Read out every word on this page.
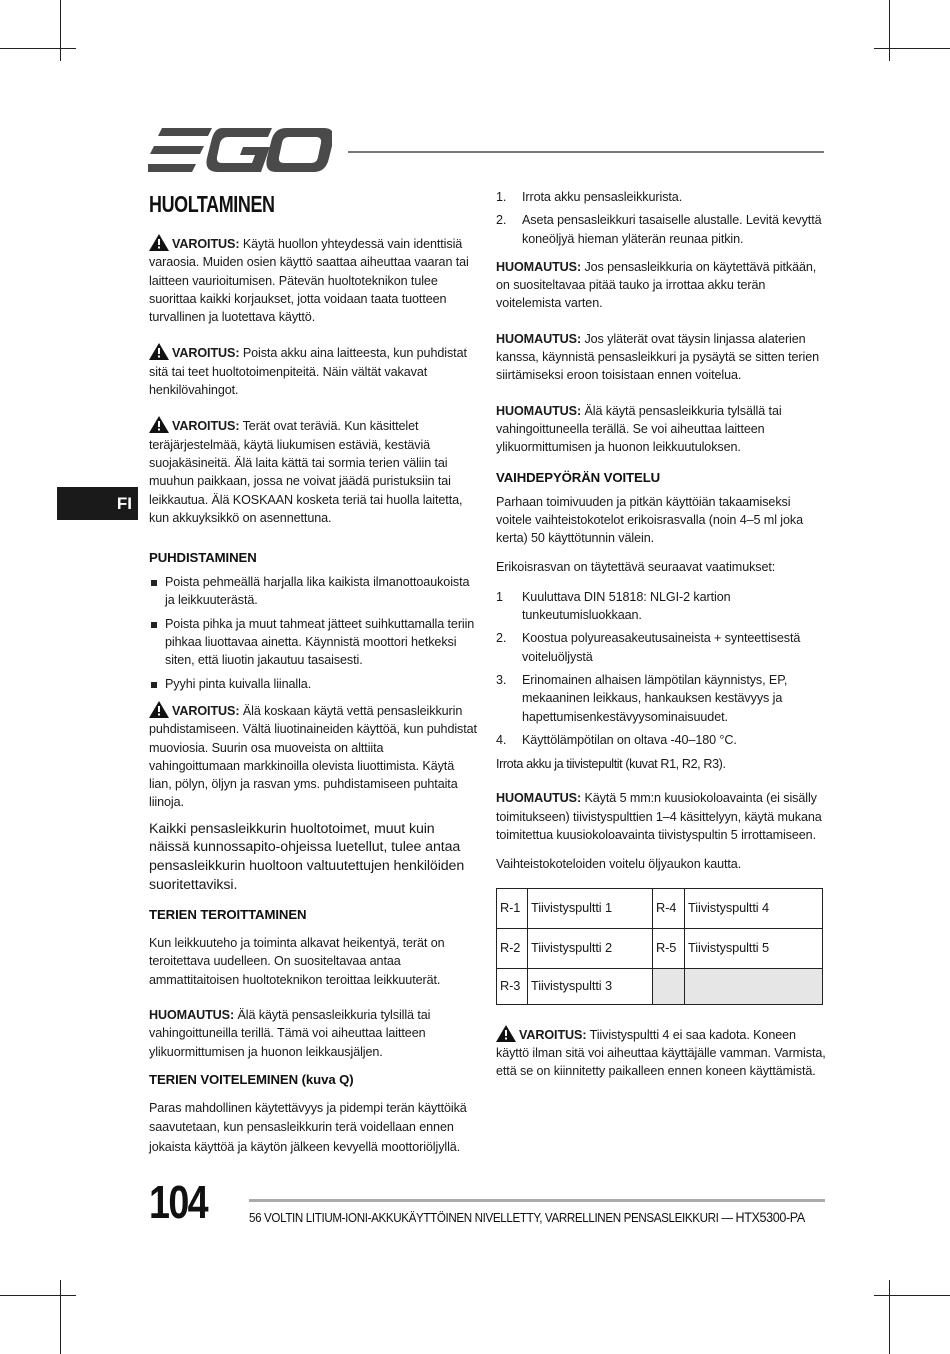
FI
HUOLTAMINEN

VAROITUS: Käytä huollon yhteydessä vain identtisiä varaosia. Muiden osien käyttö saattaa aiheuttaa vaaran tai laitteen vaurioitumisen. Pätevän huoltoteknikon tulee suorittaa kaikki korjaukset, jotta voidaan taata tuotteen turvallinen ja luotettava käyttö.

VAROITUS: Poista akku aina laitteesta, kun puhdistat sitä tai teet huoltotoimenpiteitä. Näin vältät vakavat henkilövahingot.

VAROITUS: Terät ovat teräviä. Kun käsittelet teräjärjestelmää, käytä liukumisen estäviä, kestäviä suojakäsineitä. Älä laita kättä tai sormia terien väliin tai muuhun paikkaan, jossa ne voivat jäädä puristuksiin tai leikkautua. Älä KOSKAAN kosketa teriä tai huolla laitetta, kun akkuyksikkö on asennettuna.

PUHDISTAMINEN
Poista pehmeällä harjalla lika kaikista ilmanottoaukoista ja leikkuuterästä.
Poista pihka ja muut tahmeat jätteet suihkuttamalla teriin pihkaa liuottavaa ainetta. Käynnistä moottori hetkeksi siten, että liuotin jakautuu tasaisesti.
Pyyhi pinta kuivalla liinalla.

VAROITUS: Älä koskaan käytä vettä pensasleikkurin puhdistamiseen. Vältä liuotinaineiden käyttöä, kun puhdistat muoviosia. Suurin osa muoveista on alttiita vahingoittumaan markkinoilla olevista liuottimista. Käytä lian, pölyn, öljyn ja rasvan yms. puhdistamiseen puhtaita liinoja.

Kaikki pensasleikkurin huoltotoimet, muut kuin näissä kunnossapito-ohjeissa luetellut, tulee antaa pensasleikkurin huoltoon valtuutettujen henkilöiden suoritettaviksi.

TERIEN TEROITTAMINEN

Kun leikkuuteho ja toiminta alkavat heikentyä, terät on teroitettava uudelleen. On suositeltavaa antaa ammattitaitoisen huoltoteknikon teroittaa leikkuuterät.

HUOMAUTUS: Älä käytä pensasleikkuria tylsillä tai vahingoittuneilla terillä. Tämä voi aiheuttaa laitteen ylikuormittumisen ja huonon leikkausjäljen.

TERIEN VOITELEMINEN (kuva Q)

Paras mahdollinen käytettävyys ja pidempi terän käyttöikä saavutetaan, kun pensasleikkurin terä voidellaan ennen jokaista käyttöä ja käytön jälkeen kevyellä moottoriöljyllä.

1.	Irrota akku pensasleikkurista.
2.	Aseta pensasleikkuri tasaiselle alustalle. Levitä kevyttä koneöljyä hieman yläterän reunaa pitkin.

HUOMAUTUS: Jos pensasleikkuria on käytettävä pitkään, on suositeltavaa pitää tauko ja irrottaa akku terän voitelemista varten.

HUOMAUTUS: Jos yläterät ovat täysin linjassa alaterien kanssa, käynnistä pensasleikkuri ja pysäytä se sitten terien siirtämiseksi eroon toisistaan ennen voitelua.

HUOMAUTUS: Älä käytä pensasleikkuria tylsällä tai vahingoittuneella terällä. Se voi aiheuttaa laitteen ylikuormittumisen ja huonon leikkuutuloksen.

VAIHDEPYÖRÄN VOITELU

Parhaan toimivuuden ja pitkän käyttöiän takaamiseksi voitele vaihteistokotelot erikoisrasvalla (noin 4–5 ml joka kerta) 50 käyttötunnin välein.

Erikoisrasvan on täytettävä seuraavat vaatimukset:

1	Kuuluttava DIN 51818: NLGI-2 kartion tunkeutumisluokkaan.
2.	Koostua polyureasakeutusaineista + synteettisestä voiteluöljystä
3.	Erinomainen alhaisen lämpötilan käynnistys, EP, mekaaninen leikkaus, hankauksen kestävyys ja hapettumisenkestävyysominaisuudet.
4.	Käyttölämpötilan on oltava -40–180 °C.

Irrota akku ja tiivistepultit (kuvat R1, R2, R3).

HUOMAUTUS: Käytä 5 mm:n kuusiokoloavainta (ei sisälly toimitukseen) tiivistyspulttien 1–4 käsittelyyn, käytä mukana toimitettua kuusiokoloavainta tiivistyspultin 5 irrottamiseen.

Vaihteistokoteloiden voitelu öljyaukon kautta.

R-1	Tiivistyspultti 1	R-4	Tiivistyspultti 4
R-2	Tiivistyspultti 2	R-5	Tiivistyspultti 5
R-3	Tiivistyspultti 3		

VAROITUS: Tiivistyspultti 4 ei saa kadota. Koneen käyttö ilman sitä voi aiheuttaa käyttäjälle vamman. Varmista, että se on kiinnitetty paikalleen ennen koneen käyttämistä.

104	56 VOLTIN LITIUM-IONI-AKKUKÄYTTÖINEN NIVELLETTY, VARRELLINEN PENSASLEIKKURI — HTX5300-PA
